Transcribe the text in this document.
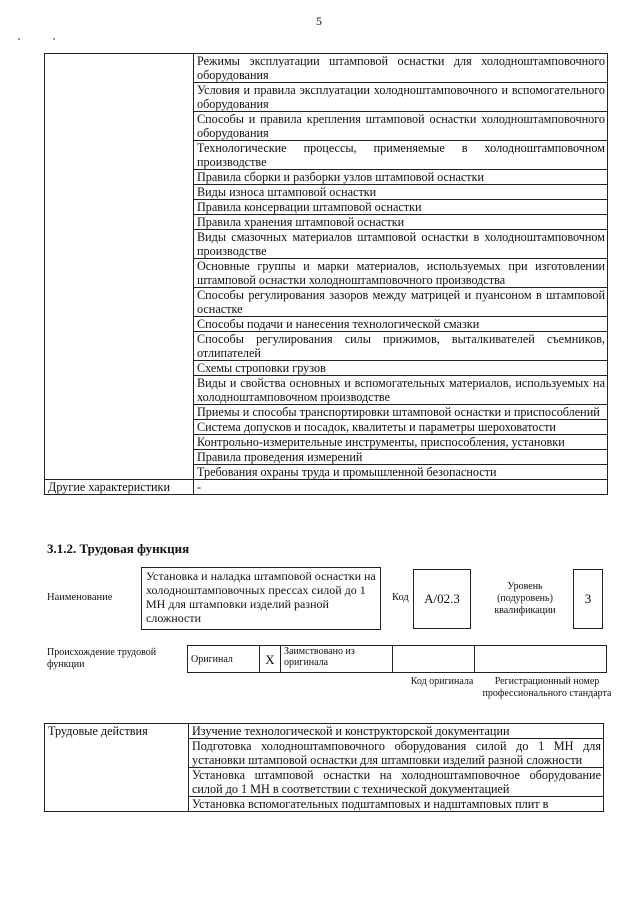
5
	Режимы эксплуатации штамповой оснастки для холодноштамповочного оборудования
	Условия и правила эксплуатации холодноштамповочного и вспомогательного оборудования
	Способы и правила крепления штамповой оснастки холодноштамповочного оборудования
	Технологические процессы, применяемые в холодноштамповочном производстве
	Правила сборки и разборки узлов штамповой оснастки
	Виды износа штамповой оснастки
	Правила консервации штамповой оснастки
	Правила хранения штамповой оснастки
	Виды смазочных материалов штамповой оснастки в холодноштамповочном производстве
	Основные группы и марки материалов, используемых при изготовлении штамповой оснастки холодноштамповочного производства
	Способы регулирования зазоров между матрицей и пуансоном в штамповой оснастке
	Способы подачи и нанесения технологической смазки
	Способы регулирования силы прижимов, выталкивателей съемников, отлипателей
	Схемы строповки грузов
	Виды и свойства основных и вспомогательных материалов, используемых на холодноштамповочном производстве
	Приемы и способы транспортировки штамповой оснастки и приспособлений
	Система допусков и посадок, квалитеты и параметры шероховатости
	Контрольно-измерительные инструменты, приспособления, установки
	Правила проведения измерений
	Требования охраны труда и промышленной безопасности
Другие характеристики	-
3.1.2. Трудовая функция
Наименование
Установка и наладка штамповой оснастки на холодноштамповочных прессах силой до 1 МН для штамповки изделий разной сложности
Код	А/02.3
Уровень (подуровень) квалификации
3
Происхождение трудовой функции	Оригинал	X	Заимствовано из оригинала		
Код оригинала	Регистрационный номер профессионального стандарта
Трудовые действия	Изучение технологической и конструкторской документации
Подготовка холодноштамповочного оборудования силой до 1 МН для установки штамповой оснастки для штамповки изделий разной сложности
Установка штамповой оснастки на холодноштамповочное оборудование силой до 1 МН в соответствии с технической документацией
Установка вспомогательных подштамповых и надштамповых плит в
